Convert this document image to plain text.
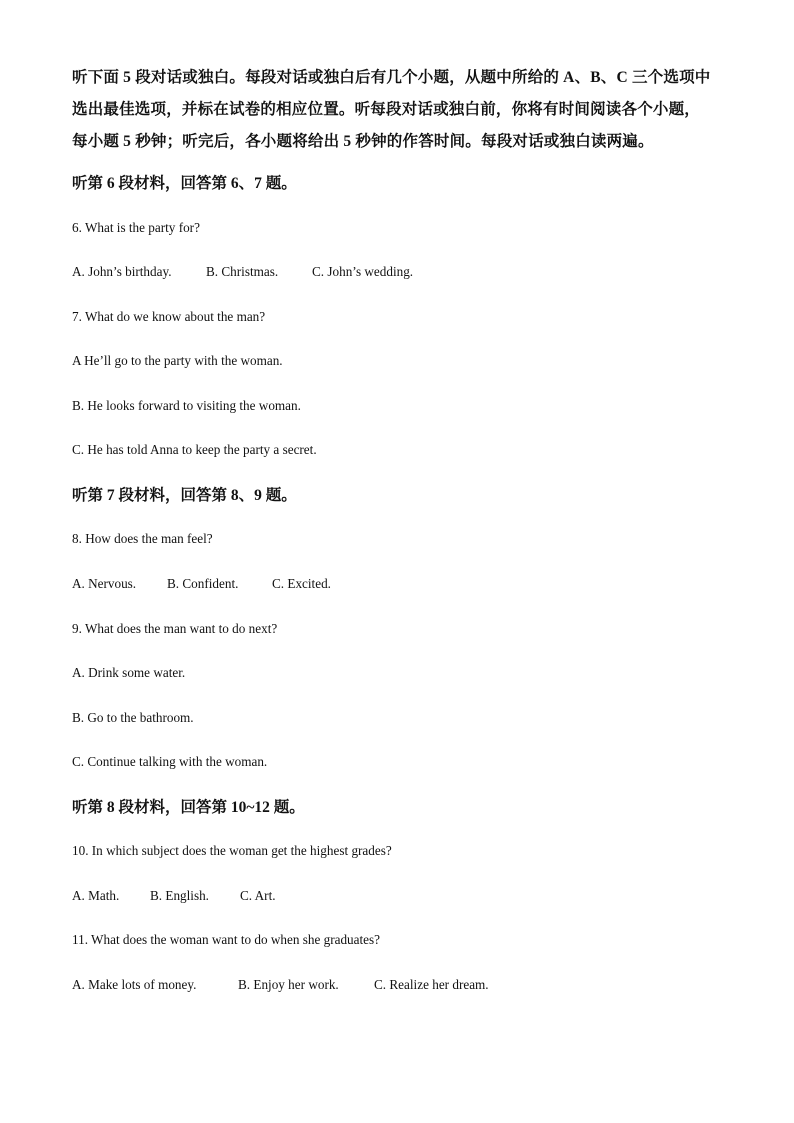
听下面 5 段对话或独白。每段对话或独白后有几个小题，从题中所给的 A、B、C 三个选项中
选出最佳选项，并标在试卷的相应位置。听每段对话或独白前，你将有时间阅读各个小题，
每小题 5 秒钟；听完后，各小题将给出 5 秒钟的作答时间。每段对话或独白读两遍。
听第 6 段材料，回答第 6、7 题。
6. What is the party for?
A. John’s birthday.	B. Christmas.	C. John’s wedding.
7. What do we know about the man?
A He’ll go to the party with the woman.
B. He looks forward to visiting the woman.
C. He has told Anna to keep the party a secret.
听第 7 段材料，回答第 8、9 题。
8. How does the man feel?
A. Nervous. B. Confident.	C. Excited.
9. What does the man want to do next?
A. Drink some water.
B. Go to the bathroom.
C. Continue talking with the woman.
听第 8 段材料，回答第 10~12 题。
10. In which subject does the woman get the highest grades?
A. Math. B. English. C. Art.
11. What does the woman want to do when she graduates?
A. Make lots of money.	B. Enjoy her work.	C. Realize her dream.
